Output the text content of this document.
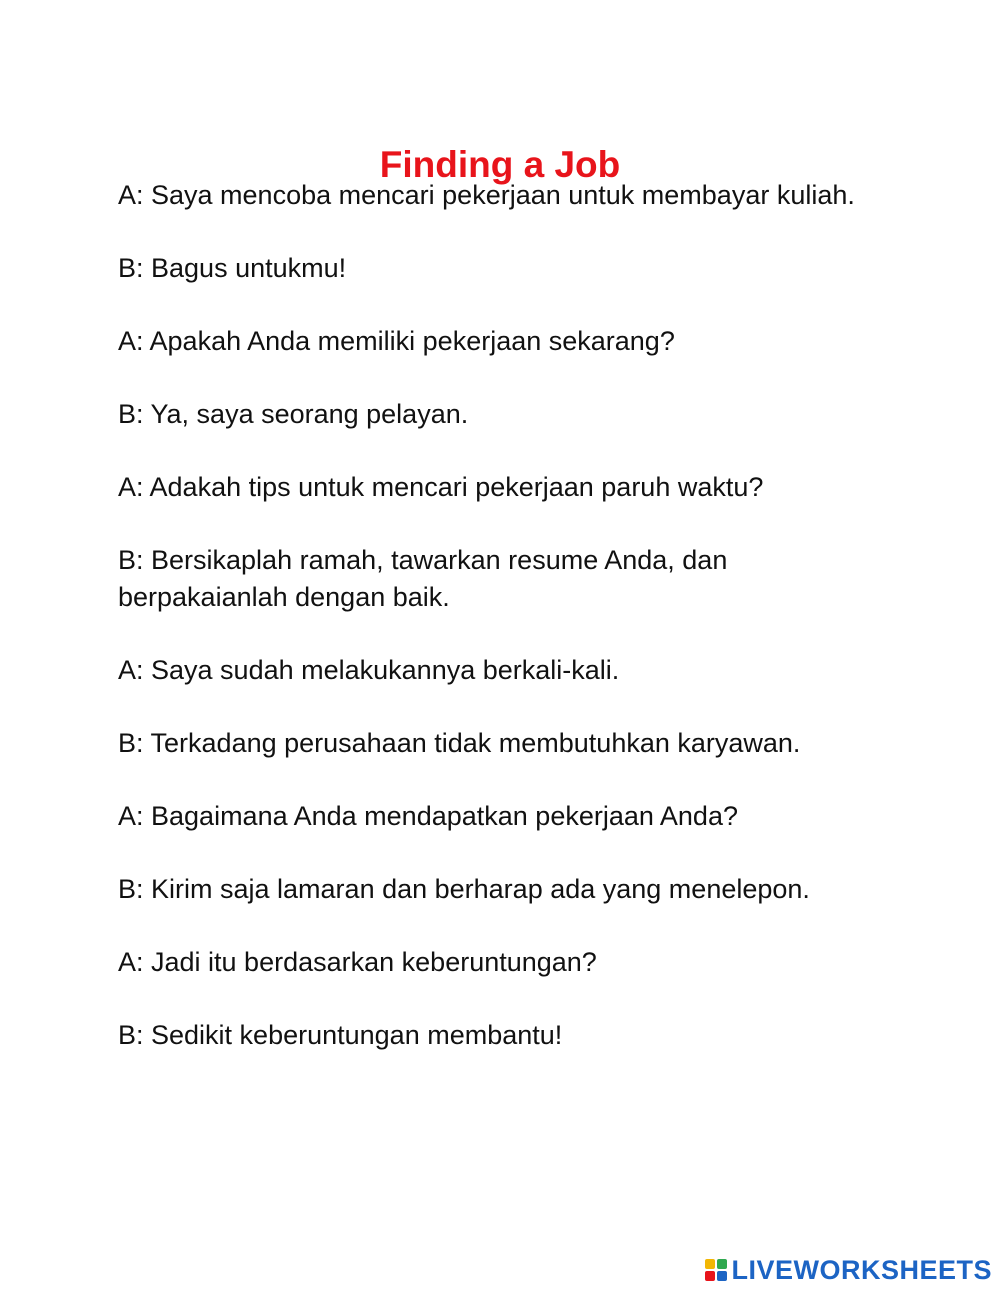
Finding a Job

A: Saya mencoba mencari pekerjaan untuk membayar kuliah.

B: Bagus untukmu!

A: Apakah Anda memiliki pekerjaan sekarang?

B: Ya, saya seorang pelayan.

A: Adakah tips untuk mencari pekerjaan paruh waktu?

B: Bersikaplah ramah, tawarkan resume Anda, dan berpakaianlah dengan baik.

A: Saya sudah melakukannya berkali-kali.

B: Terkadang perusahaan tidak membutuhkan karyawan.

A: Bagaimana Anda mendapatkan pekerjaan Anda?

B: Kirim saja lamaran dan berharap ada yang menelepon.

A: Jadi itu berdasarkan keberuntungan?

B: Sedikit keberuntungan membantu!

LIVEWORKSHEETS
